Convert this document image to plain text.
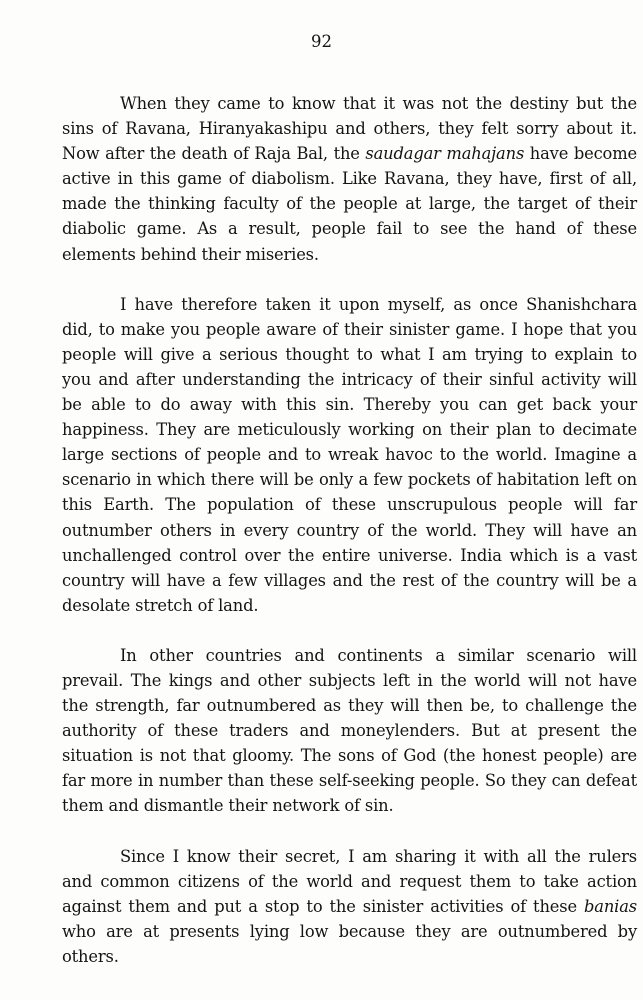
92

When they came to know that it was not the destiny but the sins of Ravana, Hiranyakashipu and others, they felt sorry about it. Now after the death of Raja Bal, the saudagar mahajans have become active in this game of diabolism. Like Ravana, they have, first of all, made the thinking faculty of the people at large, the target of their diabolic game. As a result, people fail to see the hand of these elements behind their miseries.

I have therefore taken it upon myself, as once Shanishchara did, to make you people aware of their sinister game. I hope that you people will give a serious thought to what I am trying to explain to you and after understanding the intricacy of their sinful activity will be able to do away with this sin. Thereby you can get back your happiness. They are meticulously working on their plan to decimate large sections of people and to wreak havoc to the world. Imagine a scenario in which there will be only a few pockets of habitation left on this Earth. The population of these unscrupulous people will far outnumber others in every country of the world. They will have an unchallenged control over the entire universe. India which is a vast country will have a few villages and the rest of the country will be a desolate stretch of land.

In other countries and continents a similar scenario will prevail. The kings and other subjects left in the world will not have the strength, far outnumbered as they will then be, to challenge the authority of these traders and moneylenders. But at present the situation is not that gloomy. The sons of God (the honest people) are far more in number than these self-seeking people. So they can defeat them and dismantle their network of sin.

Since I know their secret, I am sharing it with all the rulers and common citizens of the world and request them to take action against them and put a stop to the sinister activities of these banias who are at presents lying low because they are outnumbered by others.
